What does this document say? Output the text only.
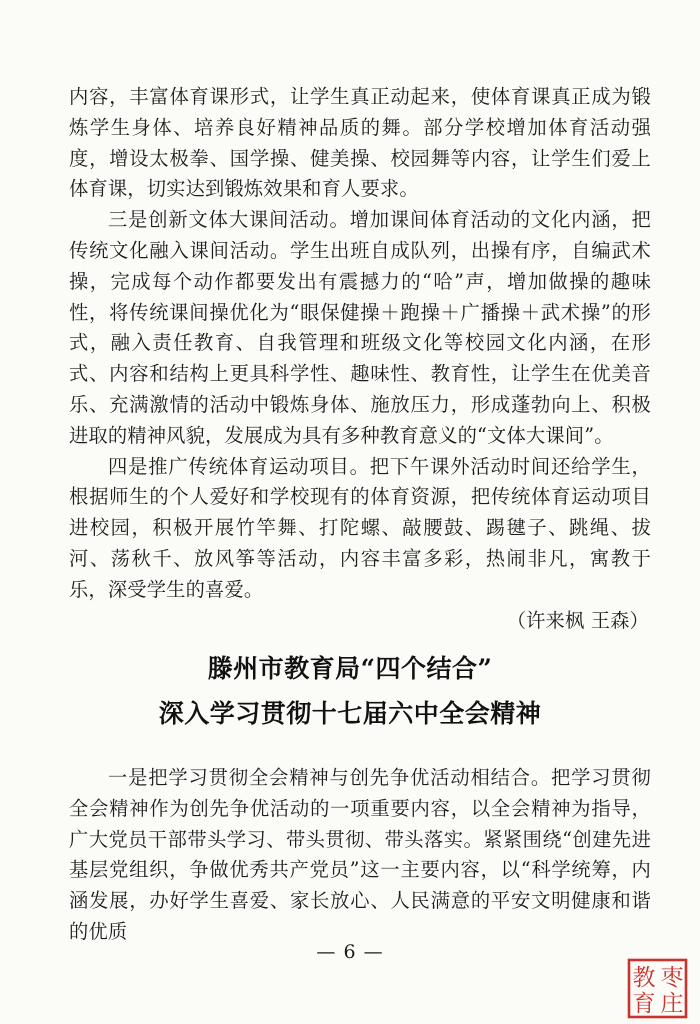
内容，丰富体育课形式，让学生真正动起来，使体育课真正成为锻炼学生身体、培养良好精神品质的舞。部分学校增加体育活动强度，增设太极拳、国学操、健美操、校园舞等内容，让学生们爱上体育课，切实达到锻炼效果和育人要求。

三是创新文体大课间活动。增加课间体育活动的文化内涵，把传统文化融入课间活动。学生出班自成队列，出操有序，自编武术操，完成每个动作都要发出有震撼力的“哈”声，增加做操的趣味性，将传统课间操优化为“眼保健操＋跑操＋广播操＋武术操”的形式，融入责任教育、自我管理和班级文化等校园文化内涵，在形式、内容和结构上更具科学性、趣味性、教育性，让学生在优美音乐、充满激情的活动中锻炼身体、施放压力，形成蓬勃向上、积极进取的精神风貌，发展成为具有多种教育意义的“文体大课间”。

四是推广传统体育运动项目。把下午课外活动时间还给学生，根据师生的个人爱好和学校现有的体育资源，把传统体育运动项目进校园，积极开展竹竿舞、打陀螺、敲腰鼓、踢毽子、跳绳、拔河、荡秋千、放风筝等活动，内容丰富多彩，热闹非凡，寓教于乐，深受学生的喜爱。

（许来枫 王森）

滕州市教育局“四个结合”
深入学习贯彻十七届六中全会精神

一是把学习贯彻全会精神与创先争优活动相结合。把学习贯彻全会精神作为创先争优活动的一项重要内容，以全会精神为指导，广大党员干部带头学习、带头贯彻、带头落实。紧紧围绕“创建先进基层党组织，争做优秀共产党员”这一主要内容，以“科学统筹，内涵发展，办好学生喜爱、家长放心、人民满意的平安文明健康和谐的优质

— 6 —
枣
庄
教
育
